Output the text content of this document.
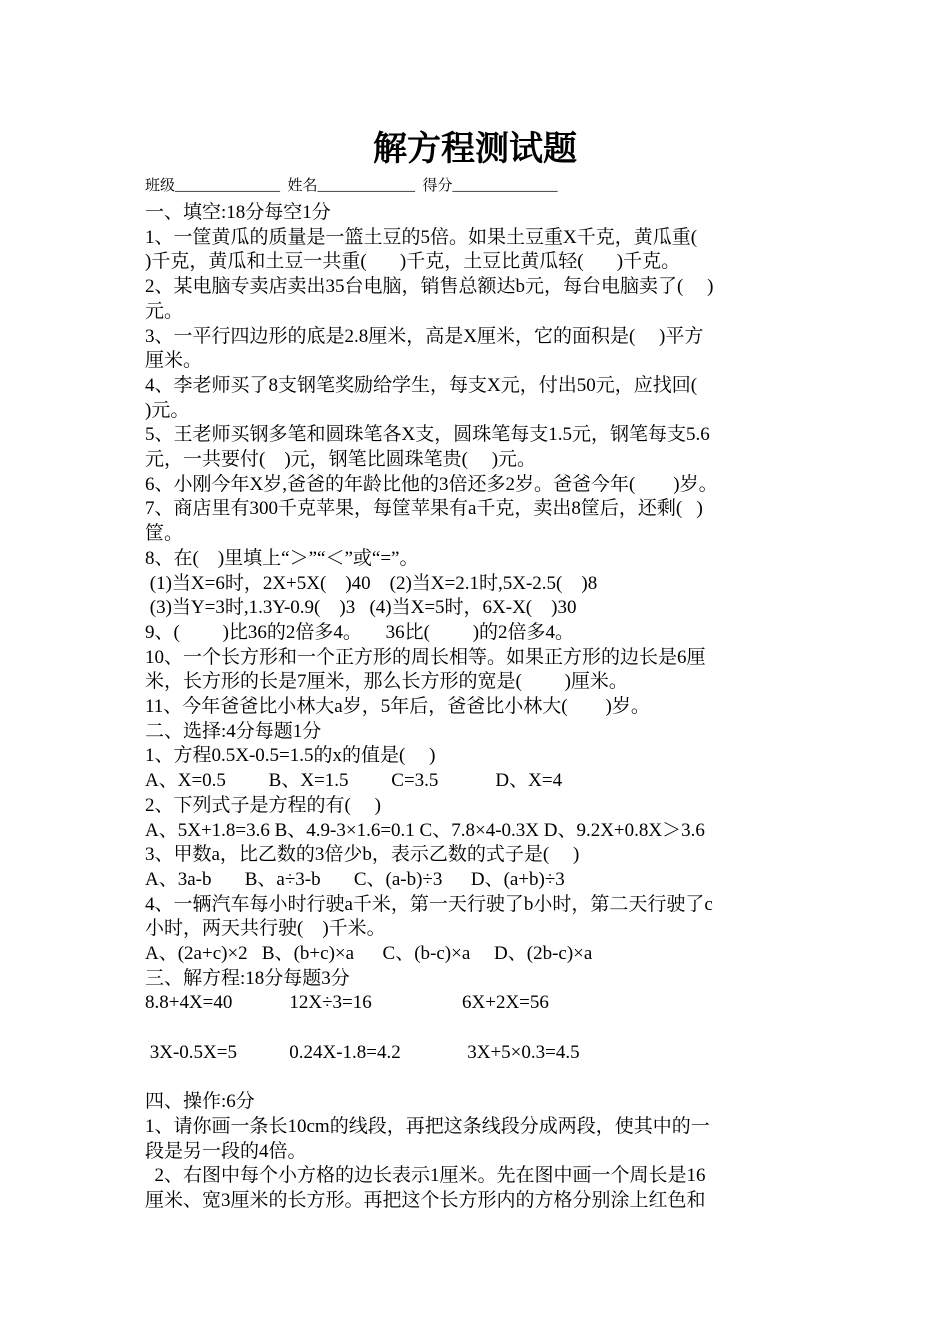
解方程测试题
班级______________ 姓名_____________ 得分______________
一、填空:18分每空1分
1、一筐黄瓜的质量是一篮土豆的5倍。如果土豆重X千克，黄瓜重(
)千克，黄瓜和土豆一共重(       )千克，土豆比黄瓜轻(       )千克。
2、某电脑专卖店卖出35台电脑，销售总额达b元，每台电脑卖了(     )
元。
3、一平行四边形的底是2.8厘米，高是X厘米，它的面积是(     )平方
厘米。
4、李老师买了8支钢笔奖励给学生，每支X元，付出50元，应找回(
)元。
5、王老师买钢多笔和圆珠笔各X支，圆珠笔每支1.5元，钢笔每支5.6
元，一共要付(    )元，钢笔比圆珠笔贵(     )元。
6、小刚今年X岁,爸爸的年龄比他的3倍还多2岁。爸爸今年(        )岁。
7、商店里有300千克苹果，每筐苹果有a千克，卖出8筐后，还剩(   )
筐。
8、在(    )里填上“＞”“＜”或“=”。
(1)当X=6时，2X+5X(    )40    (2)当X=2.1时,5X-2.5(    )8
(3)当Y=3时,1.3Y-0.9(    )3   (4)当X=5时，6X-X(    )30
9、(         )比36的2倍多4。     36比(         )的2倍多4。
10、一个长方形和一个正方形的周长相等。如果正方形的边长是6厘
米，长方形的长是7厘米，那么长方形的宽是(         )厘米。
11、今年爸爸比小林大a岁，5年后，爸爸比小林大(        )岁。
二、选择:4分每题1分
1、方程0.5X-0.5=1.5的x的值是(     )
A、X=0.5         B、X=1.5         C=3.5            D、X=4
2、下列式子是方程的有(     )
A、5X+1.8=3.6 B、4.9-3×1.6=0.1 C、7.8×4-0.3X D、9.2X+0.8X＞3.6
3、甲数a，比乙数的3倍少b，表示乙数的式子是(     )
A、3a-b       B、a÷3-b       C、(a-b)÷3      D、(a+b)÷3
4、一辆汽车每小时行驶a千米，第一天行驶了b小时，第二天行驶了c
小时，两天共行驶(    )千米。
A、(2a+c)×2   B、(b+c)×a      C、(b-c)×a     D、(2b-c)×a
三、解方程:18分每题3分
8.8+4X=40            12X÷3=16                   6X+2X=56
3X-0.5X=5           0.24X-1.8=4.2              3X+5×0.3=4.5
四、操作:6分
1、请你画一条长10cm的线段，再把这条线段分成两段，使其中的一
段是另一段的4倍。
2、右图中每个小方格的边长表示1厘米。先在图中画一个周长是16
厘米、宽3厘米的长方形。再把这个长方形内的方格分别涂上红色和
